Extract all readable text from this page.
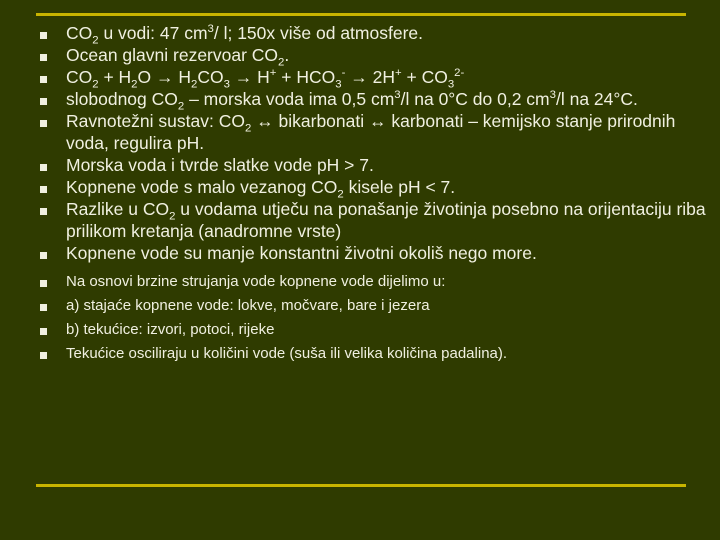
$CO_2$ u vodi: 47 $cm^3/$ l; 150x više od atmosfere.
Ocean glavni rezervoar $CO_2$.
$CO_2 + H_2O \to H_2CO_3 \to H^+ + HCO_3^- \to 2H^+ + CO_3^{2-}$
slobodnog $CO_2$ – morska voda ima 0,5 $cm^3/l$ na 0°C do 0,2 $cm^3/l$ na 24°C.
Ravnotežni sustav: $CO_2$ ↔ bikarbonati ↔ karbonati – kemijsko stanje prirodnih voda, regulira pH.
Morska voda i tvrde slatke vode pH > 7.
Kopnene vode s malo vezanog $CO_2$ kisele pH < 7.
Razlike u $CO_2$ u vodama utječu na ponašanje životinja posebno na orijentaciju riba prilikom kretanja (anadromne vrste)
Kopnene vode su manje konstantni životni okoliš nego more.
Na osnovi brzine strujanja vode kopnene vode dijelimo u:
a) stajaće kopnene vode: lokve, močvare, bare i jezera
b) tekućice: izvori, potoci, rijeke
Tekućice osciliraju u količini vode (suša ili velika količina padalina).
